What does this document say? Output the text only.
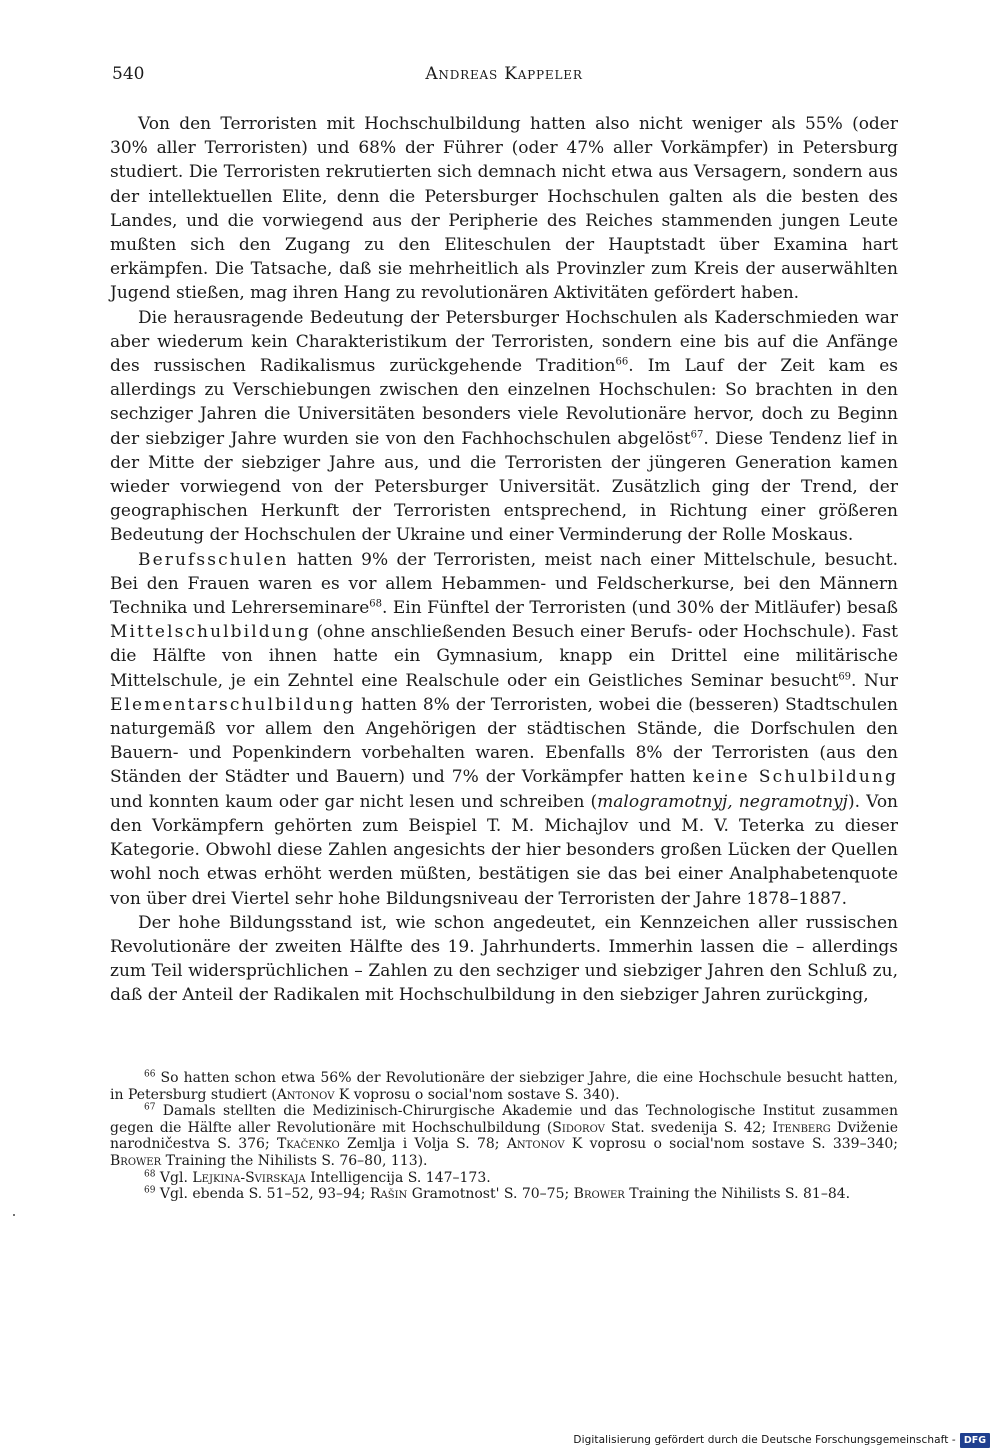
540	Andreas Kappeler

Von den Terroristen mit Hochschulbildung hatten also nicht weniger als 55% (oder 30% aller Terroristen) und 68% der Führer (oder 47% aller Vorkämpfer) in Petersburg studiert. Die Terroristen rekrutierten sich demnach nicht etwa aus Versagern, sondern aus der intellektuellen Elite, denn die Petersburger Hochschulen galten als die besten des Landes, und die vorwiegend aus der Peripherie des Reiches stammenden jungen Leute mußten sich den Zugang zu den Eliteschulen der Hauptstadt über Examina hart erkämpfen. Die Tatsache, daß sie mehrheitlich als Provinzler zum Kreis der auserwählten Jugend stießen, mag ihren Hang zu revolutionären Aktivitäten gefördert haben.

Die herausragende Bedeutung der Petersburger Hochschulen als Kaderschmieden war aber wiederum kein Charakteristikum der Terroristen, sondern eine bis auf die Anfänge des russischen Radikalismus zurückgehende Tradition$^{66}$. Im Lauf der Zeit kam es allerdings zu Verschiebungen zwischen den einzelnen Hochschulen: So brachten in den sechziger Jahren die Universitäten besonders viele Revolutionäre hervor, doch zu Beginn der siebziger Jahre wurden sie von den Fachhochschulen abgelöst$^{67}$. Diese Tendenz lief in der Mitte der siebziger Jahre aus, und die Terroristen der jüngeren Generation kamen wieder vorwiegend von der Petersburger Universität. Zusätzlich ging der Trend, der geographischen Herkunft der Terroristen entsprechend, in Richtung einer größeren Bedeutung der Hochschulen der Ukraine und einer Verminderung der Rolle Moskaus.

Berufsschulen hatten 9% der Terroristen, meist nach einer Mittelschule, besucht. Bei den Frauen waren es vor allem Hebammen- und Feldscherkurse, bei den Männern Technika und Lehrerseminare$^{68}$. Ein Fünftel der Terroristen (und 30% der Mitläufer) besaß Mittelschulbildung (ohne anschließenden Besuch einer Berufs- oder Hochschule). Fast die Hälfte von ihnen hatte ein Gymnasium, knapp ein Drittel eine militärische Mittelschule, je ein Zehntel eine Realschule oder ein Geistliches Seminar besucht$^{69}$. Nur Elementarschulbildung hatten 8% der Terroristen, wobei die (besseren) Stadtschulen naturgemäß vor allem den Angehörigen der städtischen Stände, die Dorfschulen den Bauern- und Popenkindern vorbehalten waren. Ebenfalls 8% der Terroristen (aus den Ständen der Städter und Bauern) und 7% der Vorkämpfer hatten keine Schulbildung und konnten kaum oder gar nicht lesen und schreiben (malogramotnyj, negramotnyj). Von den Vorkämpfern gehörten zum Beispiel T. M. Michajlov und M. V. Teterka zu dieser Kategorie. Obwohl diese Zahlen angesichts der hier besonders großen Lücken der Quellen wohl noch etwas erhöht werden müßten, bestätigen sie das bei einer Analphabetenquote von über drei Viertel sehr hohe Bildungsniveau der Terroristen der Jahre 1878–1887.

Der hohe Bildungsstand ist, wie schon angedeutet, ein Kennzeichen aller russischen Revolutionäre der zweiten Hälfte des 19. Jahrhunderts. Immerhin lassen die – allerdings zum Teil widersprüchlichen – Zahlen zu den sechziger und siebziger Jahren den Schluß zu, daß der Anteil der Radikalen mit Hochschulbildung in den siebziger Jahren zurückging,

$^{66}$ So hatten schon etwa 56% der Revolutionäre der siebziger Jahre, die eine Hochschule besucht hatten, in Petersburg studiert (Antonov K voprosu o social'nom sostave S. 340).

$^{67}$ Damals stellten die Medizinisch-Chirurgische Akademie und das Technologische Institut zusammen gegen die Hälfte aller Revolutionäre mit Hochschulbildung (Sidorov Stat. svedenija S. 42; Itenberg Dviženie narodničestva S. 376; Tkačenko Zemlja i Volja S. 78; Antonov K voprosu o social'nom sostave S. 339–340; Brower Training the Nihilists S. 76–80, 113).

$^{68}$ Vgl. Lejkina-Svirskaja Intelligencija S. 147–173.

$^{69}$ Vgl. ebenda S. 51–52, 93–94; Rašin Gramotnost' S. 70–75; Brower Training the Nihilists S. 81–84.

Digitalisierung gefördert durch die Deutsche Forschungsgemeinschaft - DFG
